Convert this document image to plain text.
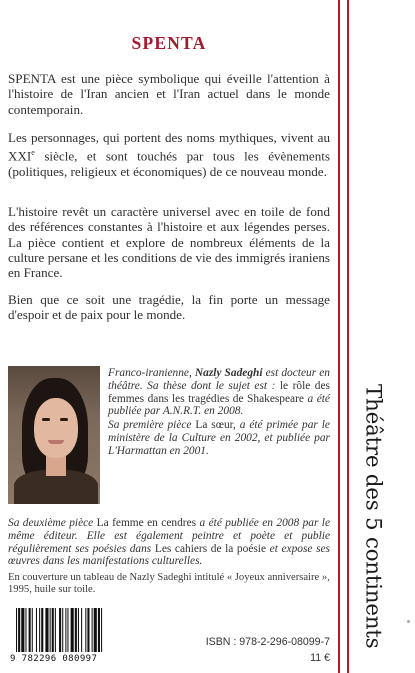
Théâtre des 5 continents
SPENTA

SPENTA est une pièce symbolique qui éveille l'attention à l'histoire de l'Iran ancien et l'Iran actuel dans le monde contemporain.

Les personnages, qui portent des noms mythiques, vivent au XXIe siècle, et sont touchés par tous les évènements (politiques, religieux et économiques) de ce nouveau monde.

L'histoire revêt un caractère universel avec en toile de fond des références constantes à l'histoire et aux légendes perses. La pièce contient et explore de nombreux éléments de la culture persane et les conditions de vie des immigrés iraniens en France.

Bien que ce soit une tragédie, la fin porte un message d'espoir et de paix pour le monde.

Franco-iranienne, Nazly Sadeghi est docteur en théâtre. Sa thèse dont le sujet est : le rôle des femmes dans les tragédies de Shakespeare a été publiée par A.N.R.T. en 2008.

Sa première pièce La sœur, a été primée par le ministère de la Culture en 2002, et publiée par L'Harmattan en 2001.

Sa deuxième pièce La femme en cendres a été publiée en 2008 par le même éditeur. Elle est également peintre et poète et publie régulièrement ses poésies dans Les cahiers de la poésie et expose ses œuvres dans les manifestations culturelles.

En couverture un tableau de Nazly Sadeghi intitulé « Joyeux anniversaire », 1995, huile sur toile.

9 782296 080997
ISBN : 978-2-296-08099-7
11 €
